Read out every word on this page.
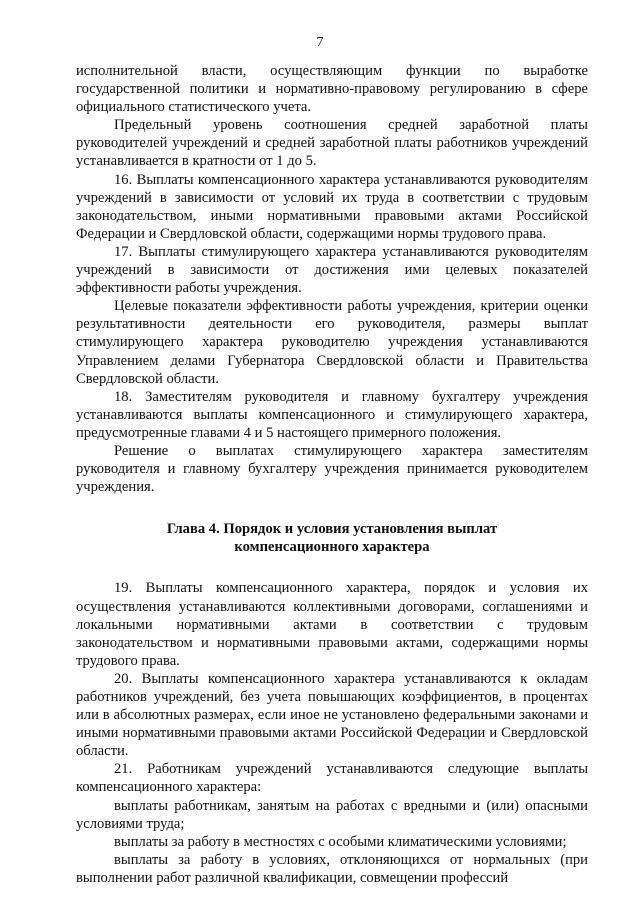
7

исполнительной власти, осуществляющим функции по выработке государственной политики и нормативно-правовому регулированию в сфере официального статистического учета.

Предельный уровень соотношения средней заработной платы руководителей учреждений и средней заработной платы работников учреждений устанавливается в кратности от 1 до 5.

16. Выплаты компенсационного характера устанавливаются руководителям учреждений в зависимости от условий их труда в соответствии с трудовым законодательством, иными нормативными правовыми актами Российской Федерации и Свердловской области, содержащими нормы трудового права.

17. Выплаты стимулирующего характера устанавливаются руководителям учреждений в зависимости от достижения ими целевых показателей эффективности работы учреждения.

Целевые показатели эффективности работы учреждения, критерии оценки результативности деятельности его руководителя, размеры выплат стимулирующего характера руководителю учреждения устанавливаются Управлением делами Губернатора Свердловской области и Правительства Свердловской области.

18. Заместителям руководителя и главному бухгалтеру учреждения устанавливаются выплаты компенсационного и стимулирующего характера, предусмотренные главами 4 и 5 настоящего примерного положения.

Решение о выплатах стимулирующего характера заместителям руководителя и главному бухгалтеру учреждения принимается руководителем учреждения.

Глава 4. Порядок и условия установления выплат
компенсационного характера

19. Выплаты компенсационного характера, порядок и условия их осуществления устанавливаются коллективными договорами, соглашениями и локальными нормативными актами в соответствии с трудовым законодательством и нормативными правовыми актами, содержащими нормы трудового права.

20. Выплаты компенсационного характера устанавливаются к окладам работников учреждений, без учета повышающих коэффициентов, в процентах или в абсолютных размерах, если иное не установлено федеральными законами и иными нормативными правовыми актами Российской Федерации и Свердловской области.

21. Работникам учреждений устанавливаются следующие выплаты компенсационного характера:

выплаты работникам, занятым на работах с вредными и (или) опасными условиями труда;

выплаты за работу в местностях с особыми климатическими условиями;

выплаты за работу в условиях, отклоняющихся от нормальных (при выполнении работ различной квалификации, совмещении профессий
